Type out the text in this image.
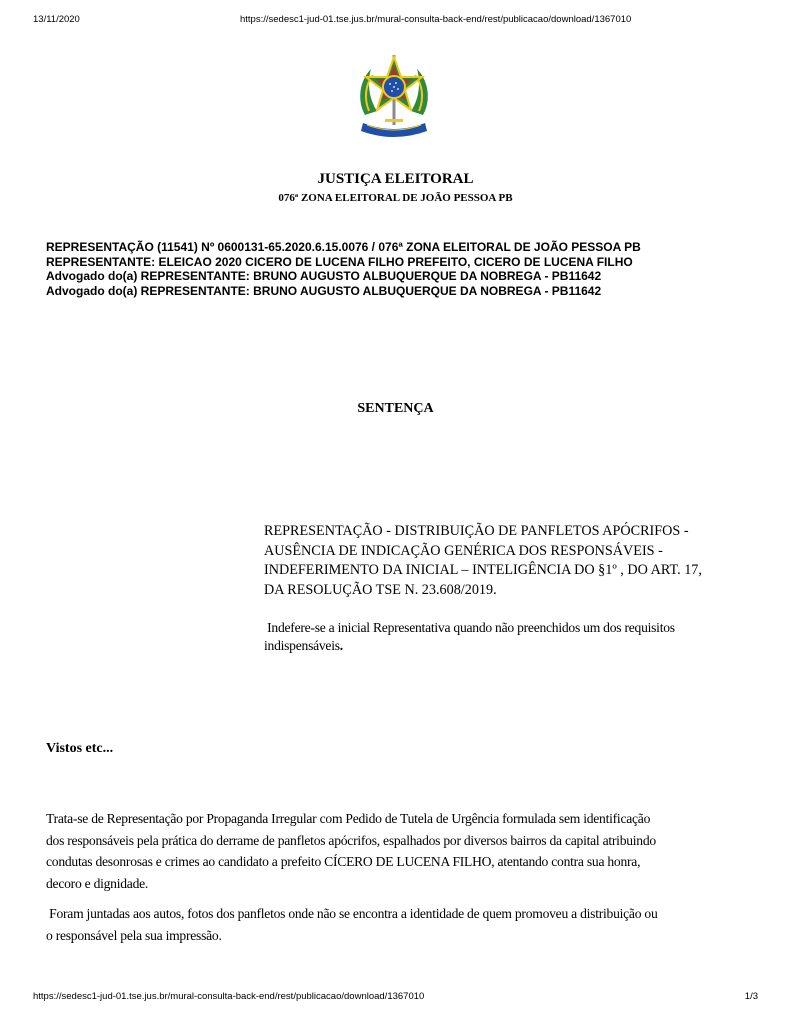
13/11/2020	https://sedesc1-jud-01.tse.jus.br/mural-consulta-back-end/rest/publicacao/download/1367010
JUSTIÇA ELEITORAL
076ª ZONA ELEITORAL DE JOÃO PESSOA PB
REPRESENTAÇÃO (11541) Nº 0600131-65.2020.6.15.0076 / 076ª ZONA ELEITORAL DE JOÃO PESSOA PB
REPRESENTANTE: ELEICAO 2020 CICERO DE LUCENA FILHO PREFEITO, CICERO DE LUCENA FILHO
Advogado do(a) REPRESENTANTE: BRUNO AUGUSTO ALBUQUERQUE DA NOBREGA - PB11642
Advogado do(a) REPRESENTANTE: BRUNO AUGUSTO ALBUQUERQUE DA NOBREGA - PB11642
SENTENÇA
REPRESENTAÇÃO - DISTRIBUIÇÃO DE PANFLETOS APÓCRIFOS -
AUSÊNCIA DE INDICAÇÃO GENÉRICA DOS RESPONSÁVEIS -
INDEFERIMENTO DA INICIAL – INTELIGÊNCIA DO §1º , DO ART. 17,
DA RESOLUÇÃO TSE N. 23.608/2019.
Indefere-se a inicial Representativa quando não preenchidos um dos requisitos
indispensáveis.
Vistos etc...
Trata-se de Representação por Propaganda Irregular com Pedido de Tutela de Urgência formulada sem identificação
dos responsáveis pela prática do derrame de panfletos apócrifos, espalhados por diversos bairros da capital atribuindo
condutas desonrosas e crimes ao candidato a prefeito CÍCERO DE LUCENA FILHO, atentando contra sua honra,
decoro e dignidade.
Foram juntadas aos autos, fotos dos panfletos onde não se encontra a identidade de quem promoveu a distribuição ou
o responsável pela sua impressão.
https://sedesc1-jud-01.tse.jus.br/mural-consulta-back-end/rest/publicacao/download/1367010	1/3
